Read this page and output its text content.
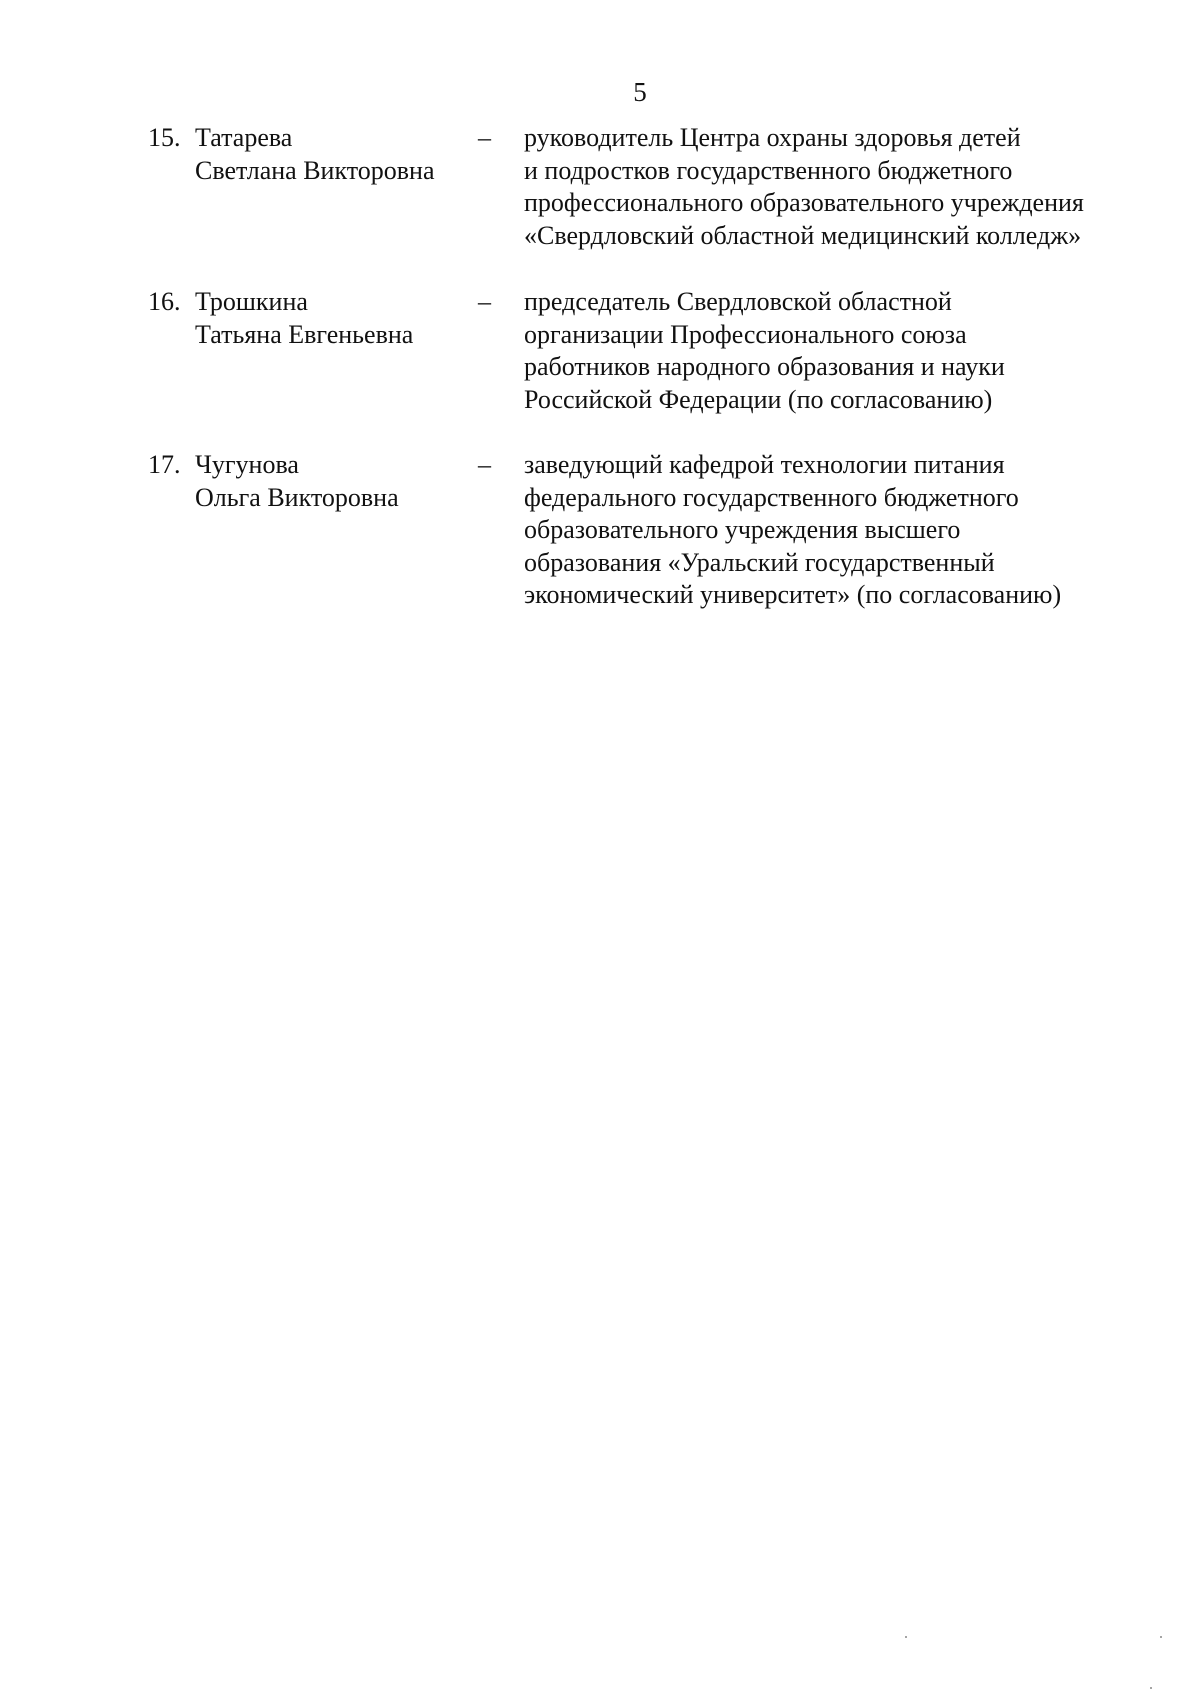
5
15. Татарева
Светлана Викторовна
– руководитель Центра охраны здоровья детей
и подростков государственного бюджетного
профессионального образовательного учреждения
«Свердловский областной медицинский колледж»
16. Трошкина
Татьяна Евгеньевна
– председатель Свердловской областной
организации Профессионального союза
работников народного образования и науки
Российской Федерации (по согласованию)
17. Чугунова
Ольга Викторовна
– заведующий кафедрой технологии питания
федерального государственного бюджетного
образовательного учреждения высшего
образования «Уральский государственный
экономический университет» (по согласованию)
